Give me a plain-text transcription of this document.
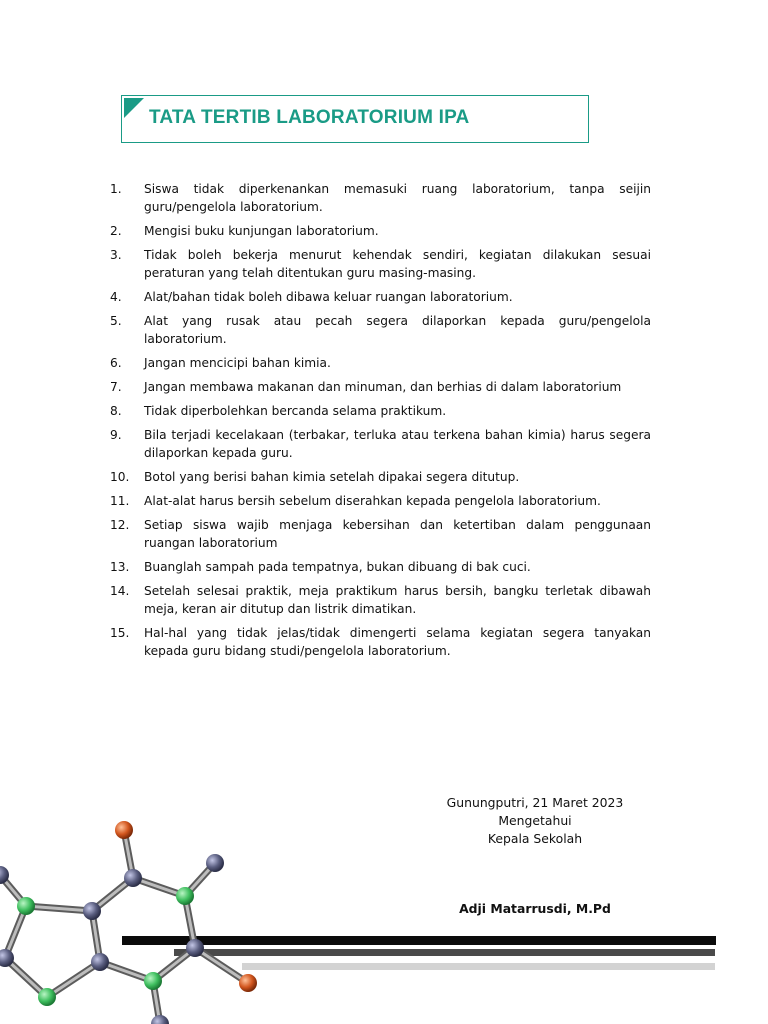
TATA TERTIB LABORATORIUM IPA
1.	Siswa tidak diperkenankan memasuki ruang laboratorium, tanpa seijin guru/pengelola laboratorium.
2.	Mengisi buku kunjungan laboratorium.
3.	Tidak boleh bekerja menurut kehendak sendiri, kegiatan dilakukan sesuai peraturan yang telah ditentukan guru masing-masing.
4.	Alat/bahan tidak boleh dibawa keluar ruangan laboratorium.
5.	Alat yang rusak atau pecah segera dilaporkan kepada guru/pengelola laboratorium.
6.	Jangan mencicipi bahan kimia.
7.	Jangan membawa makanan dan minuman, dan berhias di dalam laboratorium
8.	Tidak diperbolehkan bercanda selama praktikum.
9.	Bila terjadi kecelakaan (terbakar, terluka atau terkena bahan kimia) harus segera dilaporkan kepada guru.
10.	Botol yang berisi bahan kimia setelah dipakai segera ditutup.
11.	Alat-alat harus bersih sebelum diserahkan kepada pengelola laboratorium.
12.	Setiap siswa wajib menjaga kebersihan dan ketertiban dalam penggunaan ruangan laboratorium
13.	Buanglah sampah pada tempatnya, bukan dibuang di bak cuci.
14.	Setelah selesai praktik, meja praktikum harus bersih, bangku terletak dibawah meja, keran air ditutup dan listrik dimatikan.
15.	Hal-hal yang tidak jelas/tidak dimengerti selama kegiatan segera tanyakan kepada guru bidang studi/pengelola laboratorium.
Gunungputri, 21 Maret 2023
Mengetahui
Kepala Sekolah
Adji Matarrusdi, M.Pd
